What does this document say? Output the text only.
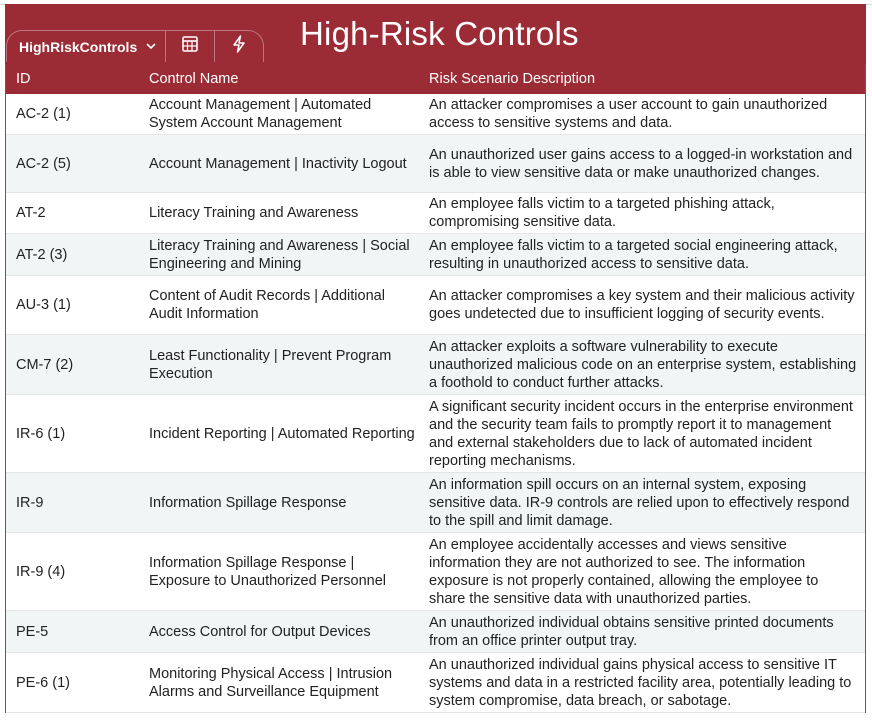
High-Risk Controls
HighRiskControls
ID	Control Name	Risk Scenario Description
AC-2 (1)	Account Management | Automated System Account Management	An attacker compromises a user account to gain unauthorized access to sensitive systems and data.
AC-2 (5)	Account Management | Inactivity Logout	An unauthorized user gains access to a logged-in workstation and is able to view sensitive data or make unauthorized changes.
AT-2	Literacy Training and Awareness	An employee falls victim to a targeted phishing attack, compromising sensitive data.
AT-2 (3)	Literacy Training and Awareness | Social Engineering and Mining	An employee falls victim to a targeted social engineering attack, resulting in unauthorized access to sensitive data.
AU-3 (1)	Content of Audit Records | Additional Audit Information	An attacker compromises a key system and their malicious activity goes undetected due to insufficient logging of security events.
CM-7 (2)	Least Functionality | Prevent Program Execution	An attacker exploits a software vulnerability to execute unauthorized malicious code on an enterprise system, establishing a foothold to conduct further attacks.
IR-6 (1)	Incident Reporting | Automated Reporting	A significant security incident occurs in the enterprise environment and the security team fails to promptly report it to management and external stakeholders due to lack of automated incident reporting mechanisms.
IR-9	Information Spillage Response	An information spill occurs on an internal system, exposing sensitive data. IR-9 controls are relied upon to effectively respond to the spill and limit damage.
IR-9 (4)	Information Spillage Response | Exposure to Unauthorized Personnel	An employee accidentally accesses and views sensitive information they are not authorized to see. The information exposure is not properly contained, allowing the employee to share the sensitive data with unauthorized parties.
PE-5	Access Control for Output Devices	An unauthorized individual obtains sensitive printed documents from an office printer output tray.
PE-6 (1)	Monitoring Physical Access | Intrusion Alarms and Surveillance Equipment	An unauthorized individual gains physical access to sensitive IT systems and data in a restricted facility area, potentially leading to system compromise, data breach, or sabotage.
